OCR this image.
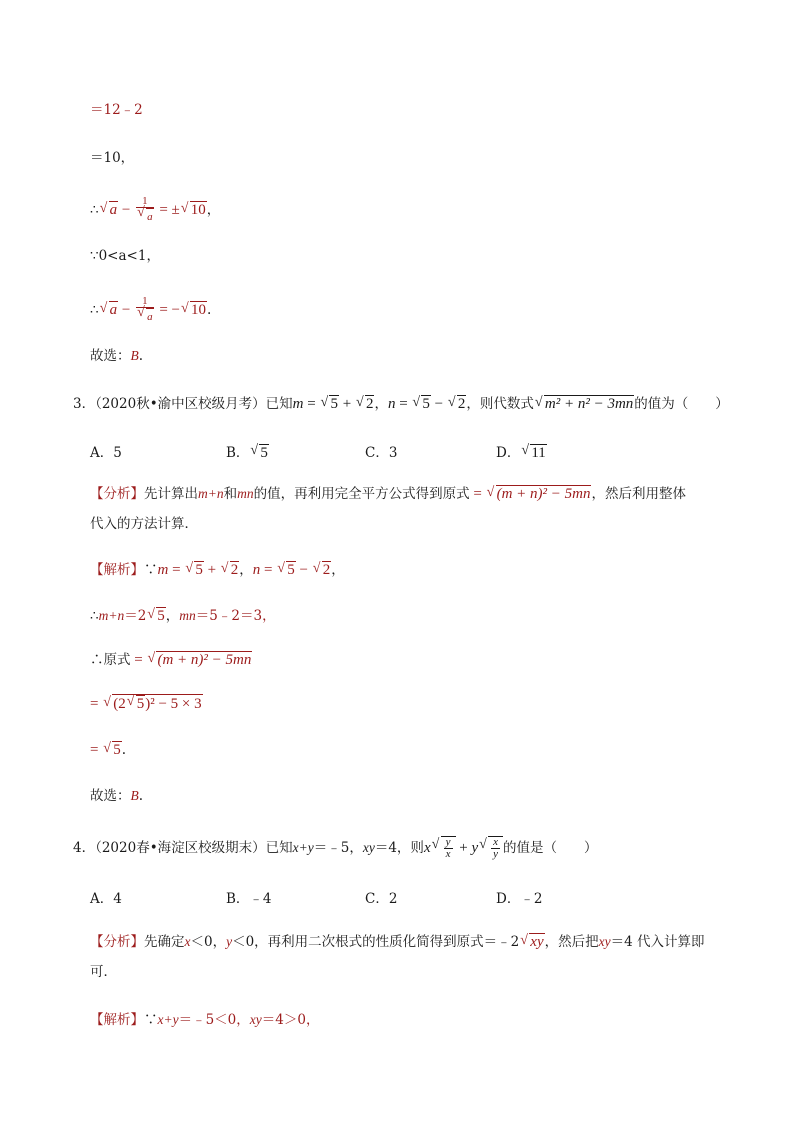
＝12﹣2
＝10，
∴ √ a − 1
√ a = ± √ 10，
∵0<a<1，
∴ √ a − 1
√ a = − √ 10.
故选：B.
3．（2020秋•渝中区校级月考）已知m = √ 5 + √ 2，n = √ 5 − √ 2，则代数式 √ m² + n² − 3mn的值为（　　）
A．5	B． √ 5	C．3	D． √ 11
【分析】先计算出m+n和mn的值，再利用完全平方公式得到原式 = √ (m + n)² − 5mn，然后利用整体
代入的方法计算．
【解析】∵m = √ 5 + √ 2，n = √ 5 − √ 2，
∴m+n＝2 √ 5，mn＝5﹣2＝3，
∴原式 = √ (m + n)² − 5mn
= √ (2 √ 5)² − 5 × 3
= √ 5.
故选：B.
4．（2020春•海淀区校级期末）已知x+y＝﹣5，xy＝4，则x √ $\frac{y}{x} + y$ √ $\frac{x}{y}$ 的值是（　　）
A．4	B．﹣4	C．2	D．﹣2
【分析】先确定x＜0，y＜0，再利用二次根式的性质化简得到原式＝﹣2 √ xy，然后把xy＝4 代入计算即
可．
【解析】∵x+y＝﹣5＜0，xy＝4＞0，
